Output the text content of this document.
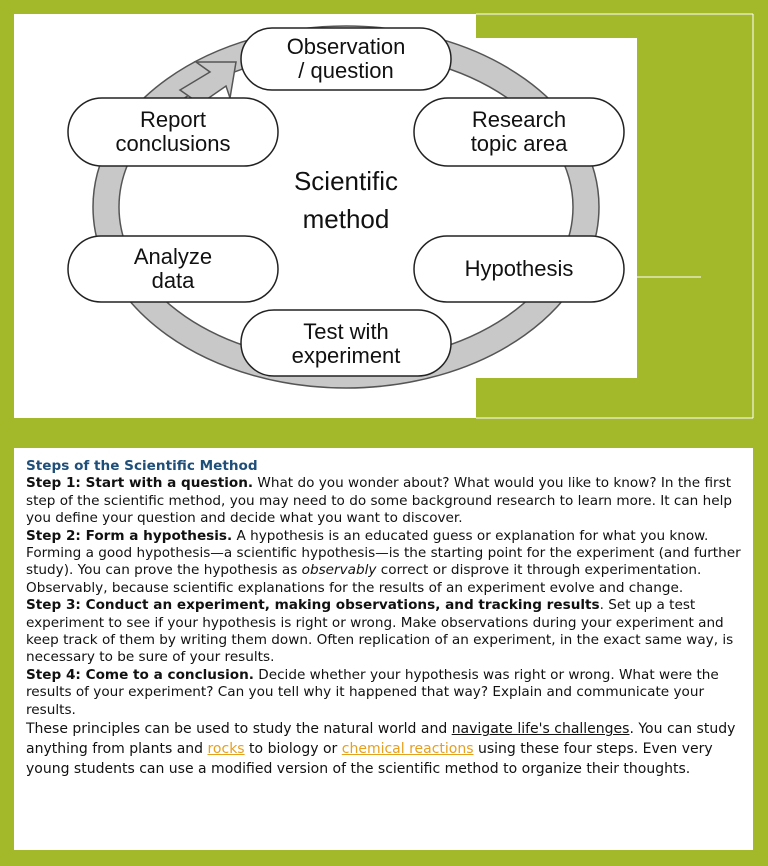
Observation
/ question
Research
topic area
Hypothesis
Test with
experiment
Analyze
data
Report
conclusions
Scientific
method

Steps of the Scientific Method

Step 1: Start with a question. What do you wonder about? What would you like to know? In the first step of the scientific method, you may need to do some background research to learn more. It can help you define your question and decide what you want to discover.

Step 2: Form a hypothesis. A hypothesis is an educated guess or explanation for what you know. Forming a good hypothesis—a scientific hypothesis—is the starting point for the experiment (and further study). You can prove the hypothesis as observably correct or disprove it through experimentation. Observably, because scientific explanations for the results of an experiment evolve and change.

Step 3: Conduct an experiment, making observations, and tracking results. Set up a test experiment to see if your hypothesis is right or wrong. Make observations during your experiment and keep track of them by writing them down. Often replication of an experiment, in the exact same way, is necessary to be sure of your results.

Step 4: Come to a conclusion. Decide whether your hypothesis was right or wrong. What were the results of your experiment? Can you tell why it happened that way? Explain and communicate your results.

These principles can be used to study the natural world and navigate life's challenges. You can study anything from plants and rocks to biology or chemical reactions using these four steps. Even very young students can use a modified version of the scientific method to organize their thoughts.
